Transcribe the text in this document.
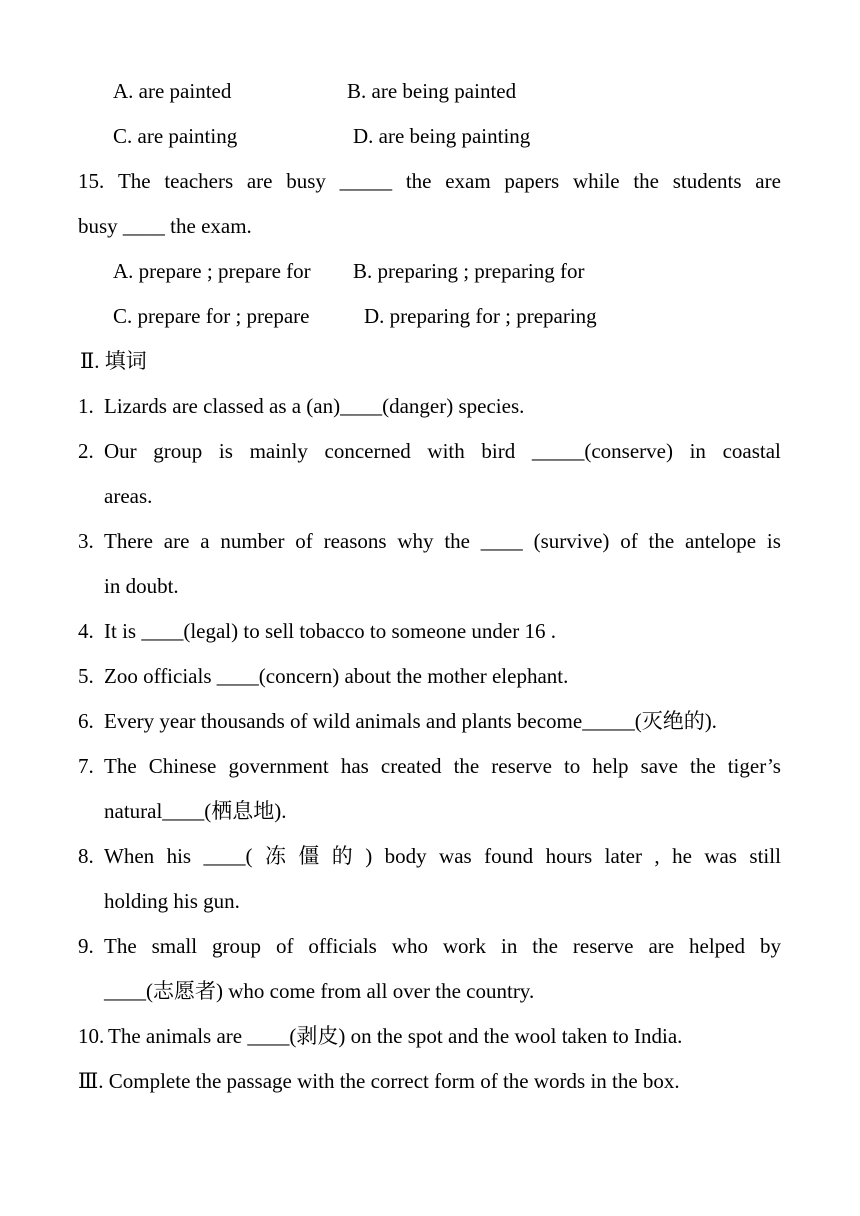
A. are painted	B. are being painted
C. are painting	D. are being painting
15. The teachers are busy _____ the exam papers while the students are
busy ____ the exam.
A. prepare ; prepare for B. preparing ; preparing for
C. prepare for ; prepare	D. preparing for ; preparing
Ⅱ. 填词
1. Lizards are classed as a (an)____(danger) species.
2. Our group is mainly concerned with bird _____(conserve) in coastal
areas.
3. There are a number of reasons why the ____ (survive) of the antelope is
in doubt.
4. It is ____(legal) to sell tobacco to someone under 16 .
5. Zoo officials ____(concern) about the mother elephant.
6. Every year thousands of wild animals and plants become_____(灭绝的).
7. The Chinese government has created the reserve to help save the tiger’s
natural____(栖息地).
8. When his ____( 冻 僵 的 ) body was found hours later , he was still
holding his gun.
9. The small group of officials who work in the reserve are helped by
____(志愿者) who come from all over the country.
10. The animals are ____(剥皮) on the spot and the wool taken to India.
Ⅲ. Complete the passage with the correct form of the words in the box.
